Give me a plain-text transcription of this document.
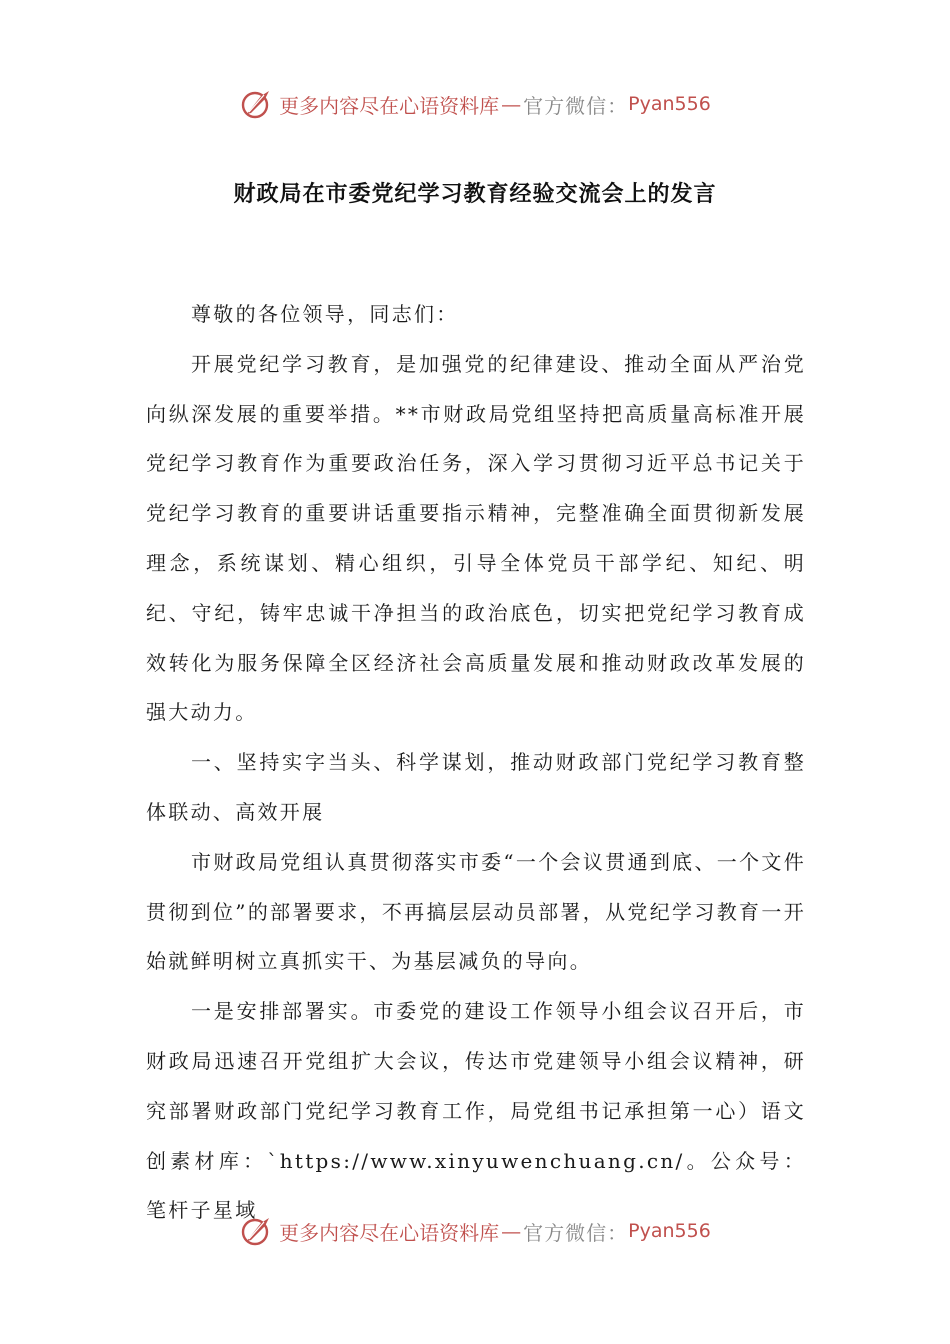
更多内容尽在心语资料库 — 官方微信： Pyan556
财政局在市委党纪学习教育经验交流会上的发言

尊敬的各位领导，同志们：

开展党纪学习教育，是加强党的纪律建设、推动全面从严治党向纵深发展的重要举措。**市财政局党组坚持把高质量高标准开展党纪学习教育作为重要政治任务，深入学习贯彻习近平总书记关于党纪学习教育的重要讲话重要指示精神，完整准确全面贯彻新发展理念，系统谋划、精心组织，引导全体党员干部学纪、知纪、明纪、守纪，铸牢忠诚干净担当的政治底色，切实把党纪学习教育成效转化为服务保障全区经济社会高质量发展和推动财政改革发展的强大动力。

一、坚持实字当头、科学谋划，推动财政部门党纪学习教育整体联动、高效开展

市财政局党组认真贯彻落实市委“一个会议贯通到底、一个文件贯彻到位”的部署要求，不再搞层层动员部署，从党纪学习教育一开始就鲜明树立真抓实干、为基层减负的导向。

一是安排部署实。市委党的建设工作领导小组会议召开后，市财政局迅速召开党组扩大会议，传达市党建领导小组会议精神，研究部署财政部门党纪学习教育工作，局党组书记承担第一心）语文创素材库：`https://www.xinyuwenchuang.cn/。公众号：笔杆子星域

更多内容尽在心语资料库 — 官方微信： Pyan556
